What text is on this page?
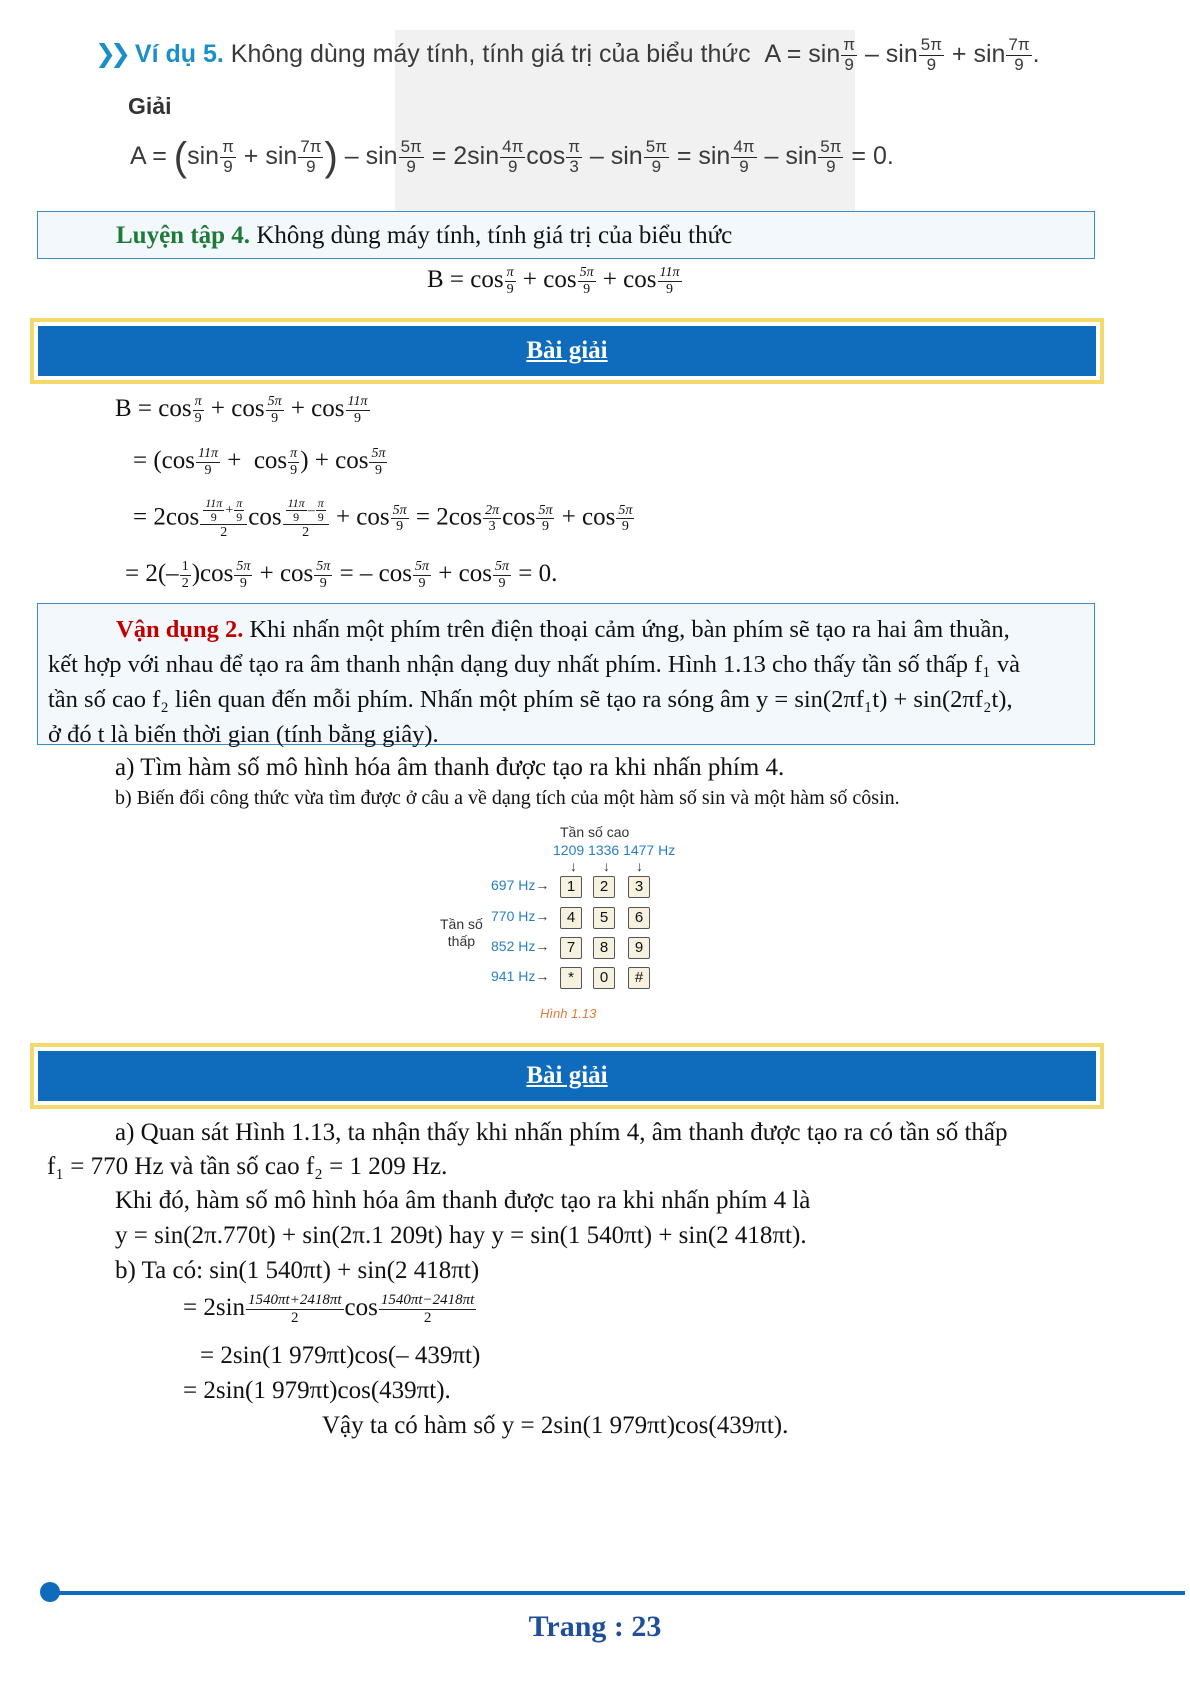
❯❯ Ví dụ 5. Không dùng máy tính, tính giá trị của biểu thức  $A = \sin \frac{\pi}{9} - \sin \frac{5\pi}{9} + \sin \frac{7\pi}{9}$ .
Giải
$A = (\sin \frac{\pi}{9} + \sin \frac{7\pi}{9}$ ) – $\sin \frac{5\pi}{9} = 2\sin \frac{4\pi}{9}$ $\cos \frac{\pi}{3} - \sin \frac{5\pi}{9} = \sin \frac{4\pi}{9} - \sin \frac{5\pi}{9} = 0$.
Luyện tập 4. Không dùng máy tính, tính giá trị của biểu thức
$B = \cos \frac{\pi}{9} + \cos \frac{5\pi}{9} + \cos \frac{11\pi}{9}$
Bài giải
$B = \cos \frac{\pi}{9} + \cos \frac{5\pi}{9} + \cos \frac{11\pi}{9}$
= ($\cos \frac{11\pi}{9} + \cos \frac{\pi}{9}$ ) + $\cos \frac{5\pi}{9}$
= $2\cos \frac{\frac{11\pi}{9} + \frac{\pi}{9}}{2}$ $\cos \frac{\frac{11\pi}{9} - \frac{\pi}{9}}{2} + \cos \frac{5\pi}{9} = 2\cos \frac{2\pi}{3}$ $\cos \frac{5\pi}{9} + \cos \frac{5\pi}{9}$
= $2(- \frac{1}{2} )\cos \frac{5\pi}{9} + \cos \frac{5\pi}{9}$ = – $\cos \frac{5\pi}{9} + \cos \frac{5\pi}{9} = 0$.
Vận dụng 2. Khi nhấn một phím trên điện thoại cảm ứng, bàn phím sẽ tạo ra hai âm thuần,
kết hợp với nhau để tạo ra âm thanh nhận dạng duy nhất phím. Hình 1.13 cho thấy tần số thấp f₁ và
tần số cao f₂ liên quan đến mỗi phím. Nhấn một phím sẽ tạo ra sóng âm y = sin(2πf₁t) + sin(2πf₂t),
ở đó t là biến thời gian (tính bằng giây).
a) Tìm hàm số mô hình hóa âm thanh được tạo ra khi nhấn phím 4.
b) Biến đổi công thức vừa tìm được ở câu a về dạng tích của một hàm số sin và một hàm số côsin.
Tần số cao
1209 1336 1477 Hz
↓ ↓ ↓
Tần số
thấp
697 Hz→
770 Hz→
852 Hz→
941 Hz→
1	2	3
4	5	6
7	8	9
*	0	#
Hình 1.13
Bài giải
a) Quan sát Hình 1.13, ta nhận thấy khi nhấn phím 4, âm thanh được tạo ra có tần số thấp
f₁ = 770 Hz và tần số cao f₂ = 1 209 Hz.
Khi đó, hàm số mô hình hóa âm thanh được tạo ra khi nhấn phím 4 là
y = sin(2π.770t) + sin(2π.1 209t) hay y = sin(1 540πt) + sin(2 418πt).
b) Ta có: sin(1 540πt) + sin(2 418πt)
= $2\sin \frac{1540\pi t+2418\pi t}{2}$ $\cos \frac{1540\pi t-2418\pi t}{2}$
= 2sin(1 979πt)cos(– 439πt)
= 2sin(1 979πt)cos(439πt).
Vậy ta có hàm số y = 2sin(1 979πt)cos(439πt).
Trang : 23
